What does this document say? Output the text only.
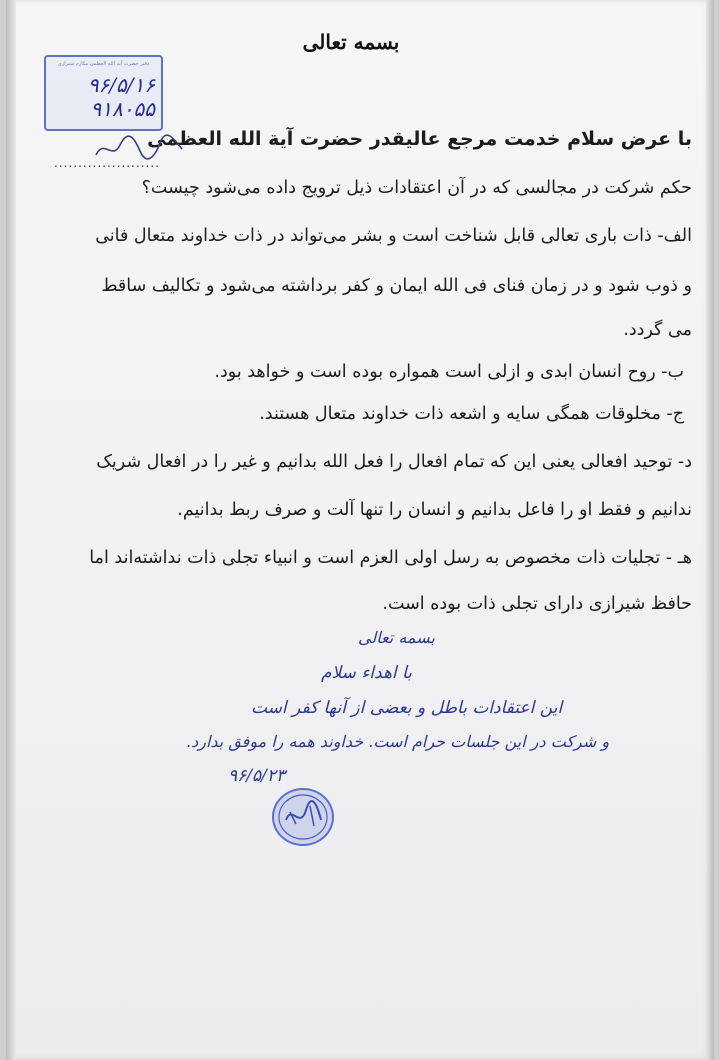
بسمه تعالی
دفتر حضرت آیة الله العظمی مکارم شیرازی
۹۶/۵/۱۶
۹۱۸۰۵۵
با عرض سلام خدمت مرجع عالیقدر حضرت آیة الله العظمی
......................
حکم شرکت در مجالسی که در آن اعتقادات ذیل ترویج داده می‌شود چیست؟
الف- ذات باری تعالی قابل شناخت است و بشر می‌تواند در ذات خداوند متعال فانی
و ذوب شود و در زمان فنای فی الله ایمان و کفر برداشته می‌شود و تکالیف ساقط
می گردد.
ب- روح انسان ابدی و ازلی است همواره بوده است و خواهد بود.
ج- مخلوقات همگی سایه و اشعه ذات خداوند متعال هستند.
د- توحید افعالی یعنی این که تمام افعال را فعل الله بدانیم و غیر را در افعال شریک
ندانیم و فقط او را فاعل بدانیم و انسان را تنها آلت و صرف ربط بدانیم.
هـ - تجلیات ذات مخصوص به رسل اولی العزم است و انبیاء تجلی ذات نداشته‌اند اما
حافظ شیرازی دارای تجلی ذات بوده است.
بسمه تعالی
با اهداء سلام
این اعتقادات باطل و بعضی از آنها کفر است
و شرکت در این جلسات حرام است. خداوند همه را موفق بدارد.
۹۶/۵/۲۳
